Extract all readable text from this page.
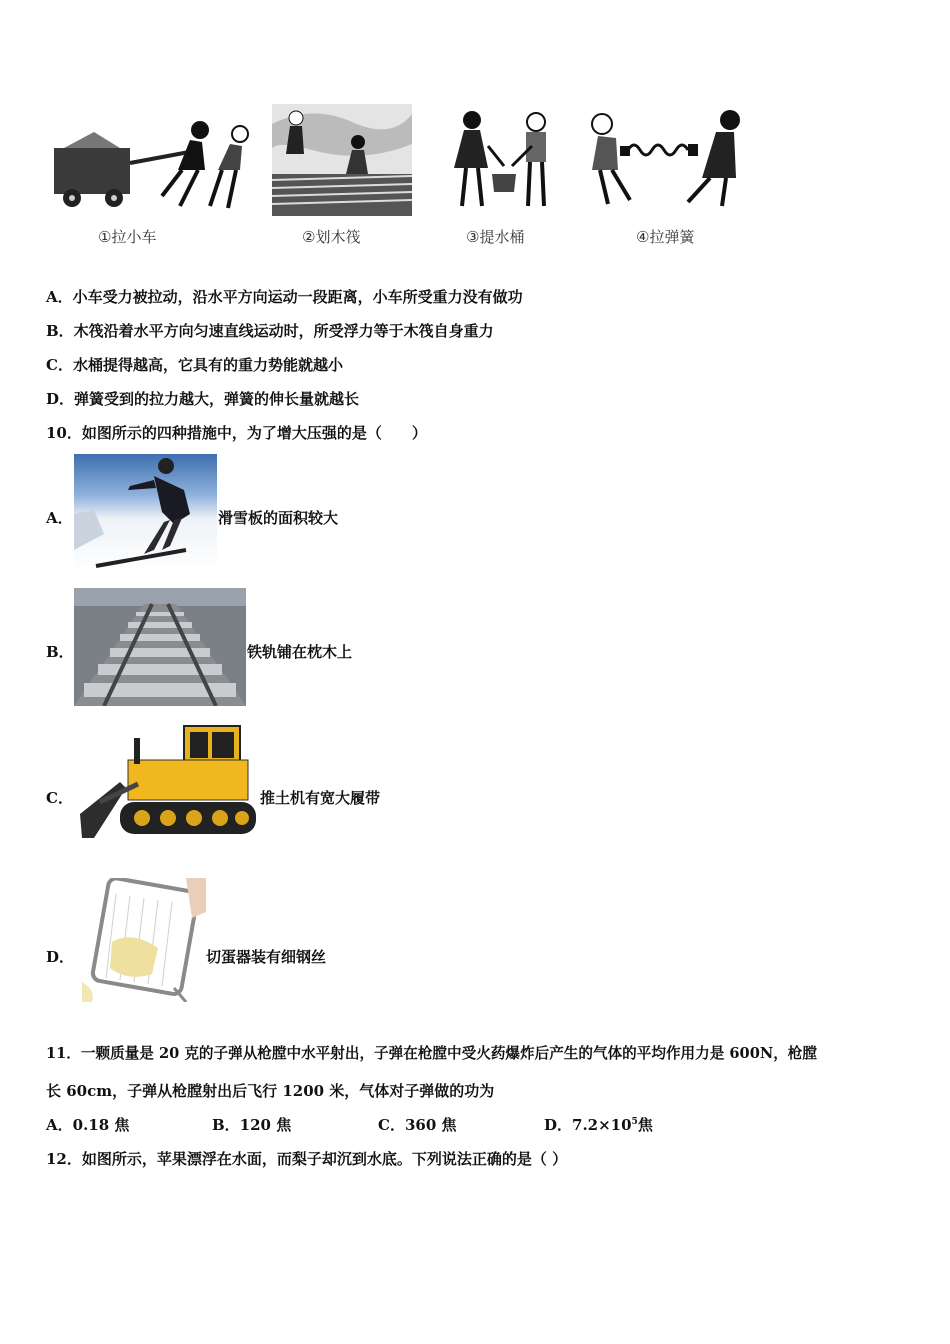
①拉小车	②划木筏	③提水桶	④拉弹簧
A．小车受力被拉动，沿水平方向运动一段距离，小车所受重力没有做功
B．木筏沿着水平方向匀速直线运动时，所受浮力等于木筏自身重力
C．水桶提得越高，它具有的重力势能就越小
D．弹簧受到的拉力越大，弹簧的伸长量就越长
10．如图所示的四种措施中，为了增大压强的是（　　）
A．	滑雪板的面积较大
B．	铁轨铺在枕木上
C．	推土机有宽大履带
D．	切蛋器装有细钢丝
11．一颗质量是 20 克的子弹从枪膛中水平射出，子弹在枪膛中受火药爆炸后产生的气体的平均作用力是 600N，枪膛
长 60cm，子弹从枪膛射出后飞行 1200 米，气体对子弹做的功为
A．0.18 焦	B．120 焦	C．360 焦	D．$7.2\times 10^5$焦
12．如图所示，苹果漂浮在水面，而梨子却沉到水底。下列说法正确的是（ ）
